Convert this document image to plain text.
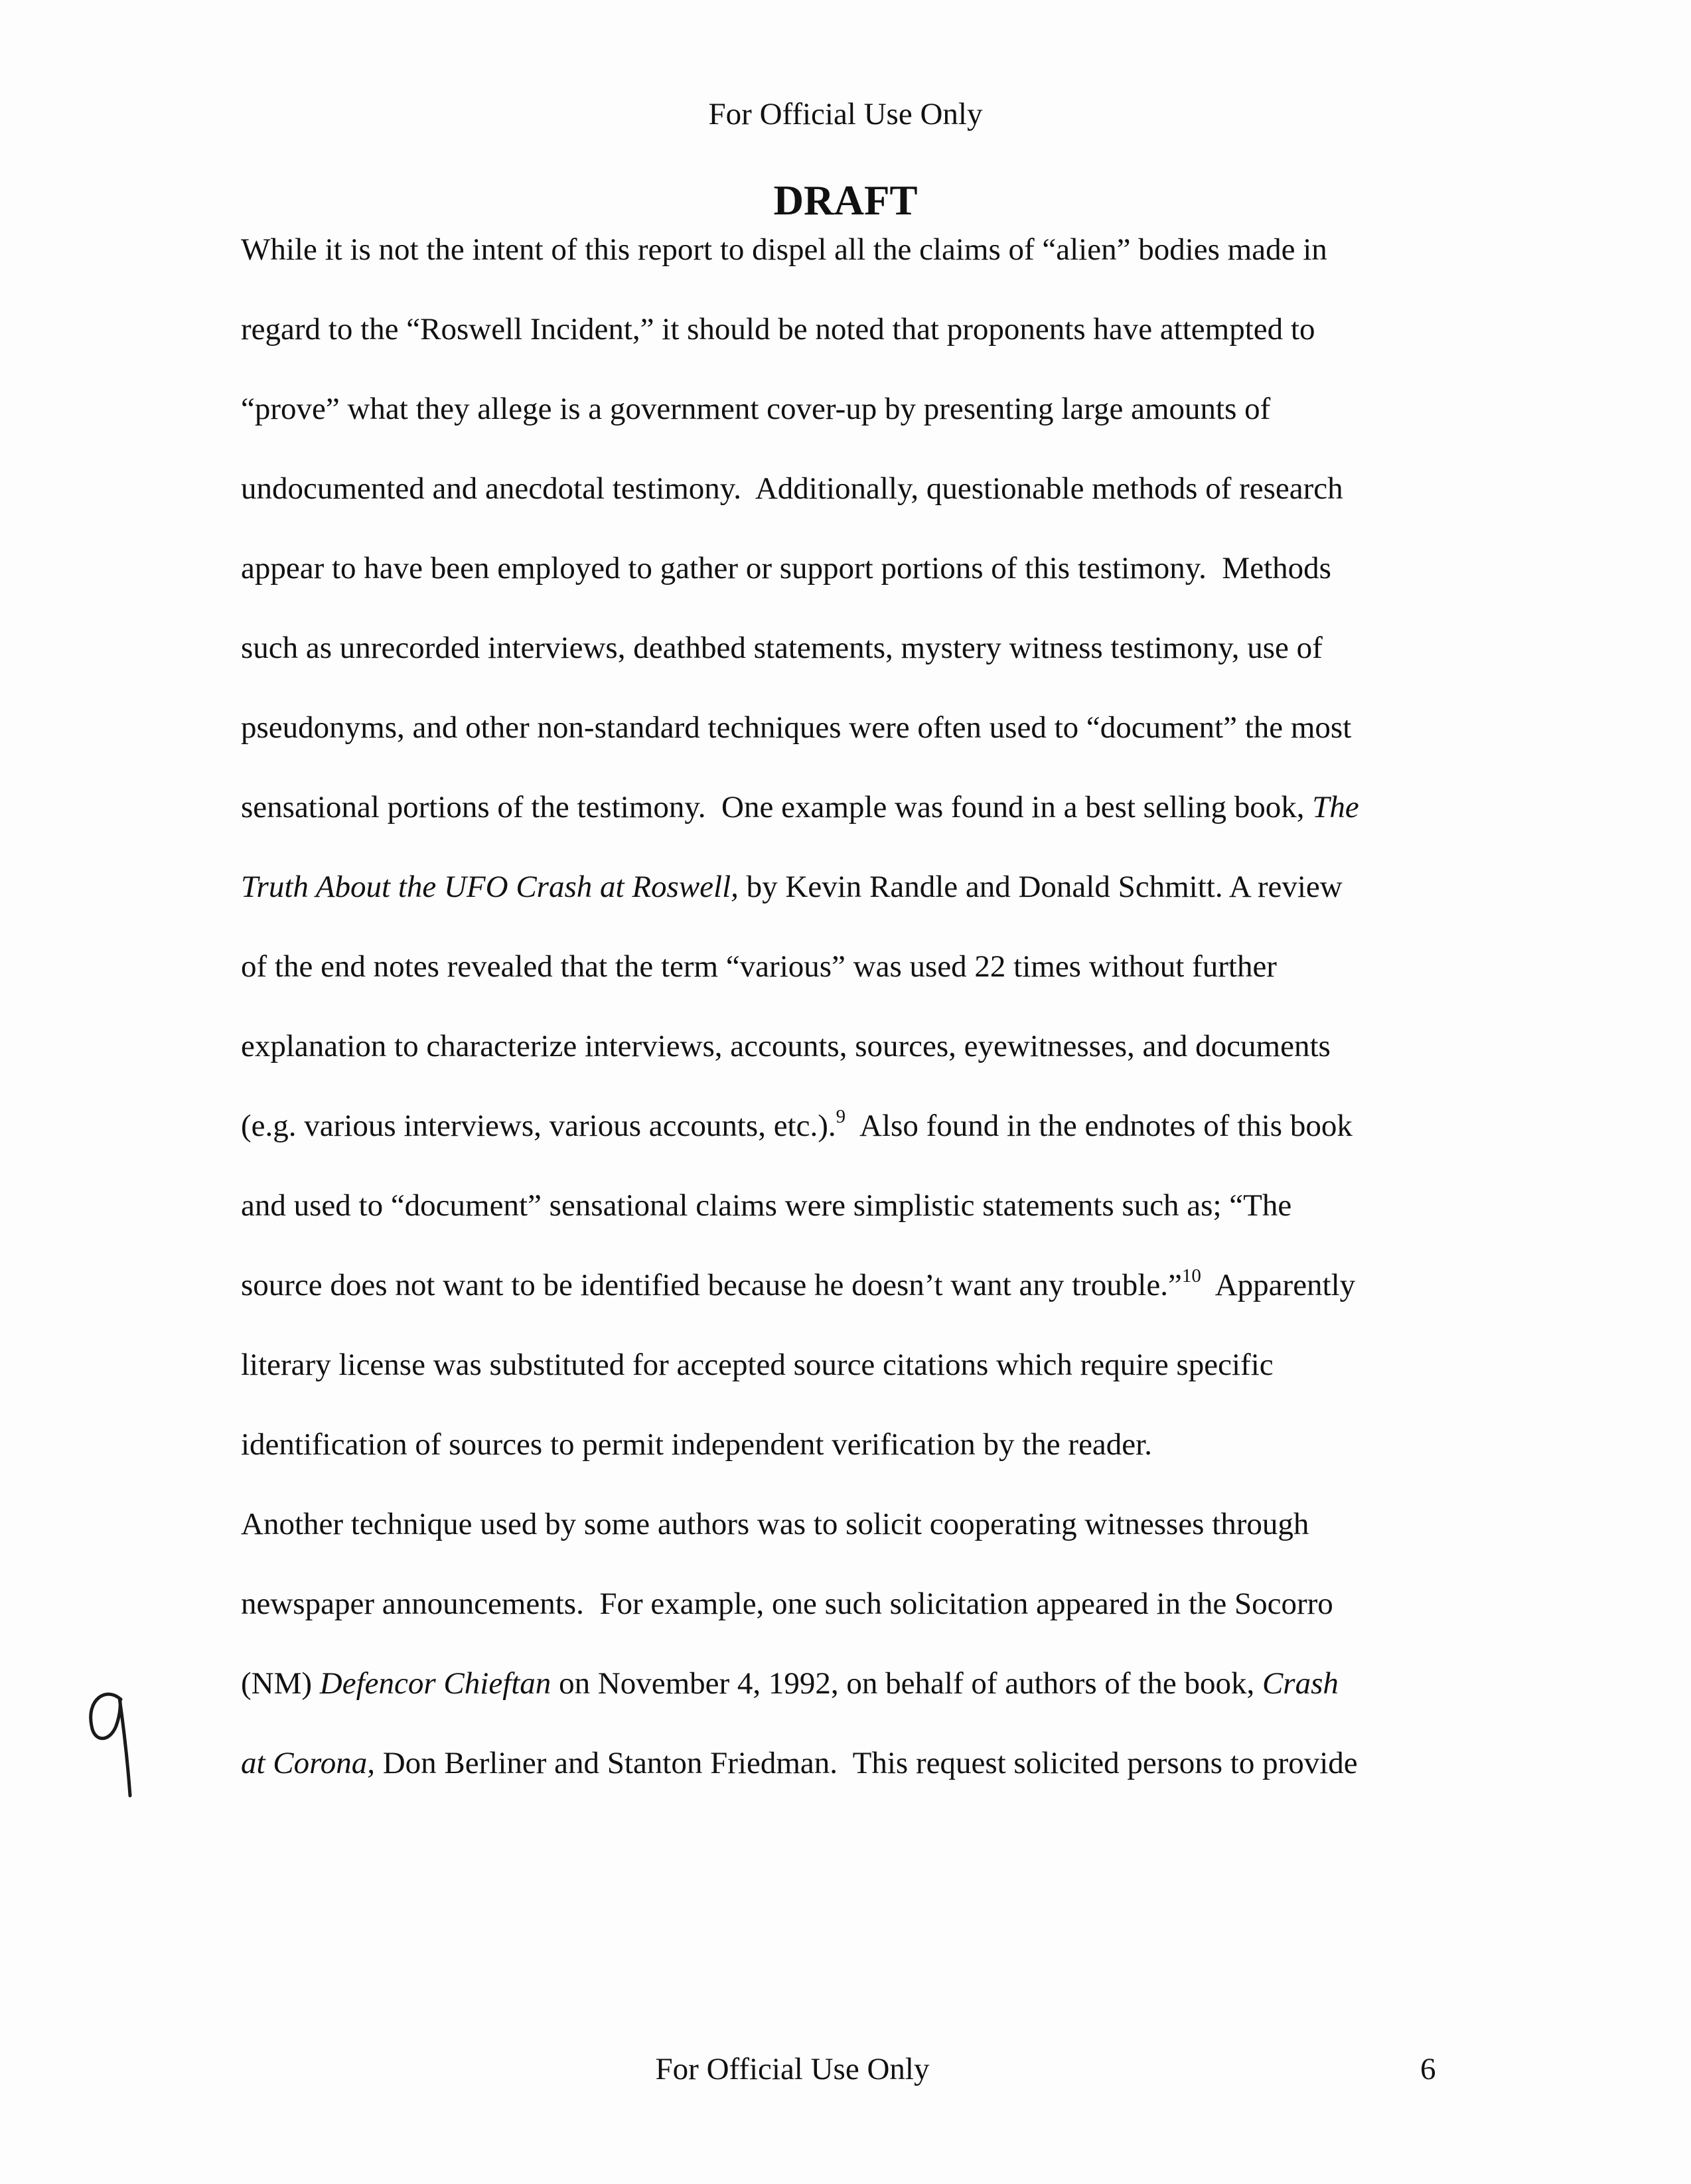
For Official Use Only
DRAFT
While it is not the intent of this report to dispel all the claims of “alien” bodies made in
regard to the “Roswell Incident,” it should be noted that proponents have attempted to
“prove” what they allege is a government cover-up by presenting large amounts of
undocumented and anecdotal testimony.  Additionally, questionable methods of research
appear to have been employed to gather or support portions of this testimony.  Methods
such as unrecorded interviews, deathbed statements, mystery witness testimony, use of
pseudonyms, and other non-standard techniques were often used to “document” the most
sensational portions of the testimony.  One example was found in a best selling book, The
Truth About the UFO Crash at Roswell, by Kevin Randle and Donald Schmitt. A review
of the end notes revealed that the term “various” was used 22 times without further
explanation to characterize interviews, accounts, sources, eyewitnesses, and documents
(e.g. various interviews, various accounts, etc.).$^9$  Also found in the endnotes of this book
and used to “document” sensational claims were simplistic statements such as; “The
source does not want to be identified because he doesn’t want any trouble.”$^{10}$  Apparently
literary license was substituted for accepted source citations which require specific
identification of sources to permit independent verification by the reader.
Another technique used by some authors was to solicit cooperating witnesses through
newspaper announcements.  For example, one such solicitation appeared in the Socorro
(NM) Defencor Chieftan on November 4, 1992, on behalf of authors of the book, Crash
at Corona, Don Berliner and Stanton Friedman.  This request solicited persons to provide
For Official Use Only	6
